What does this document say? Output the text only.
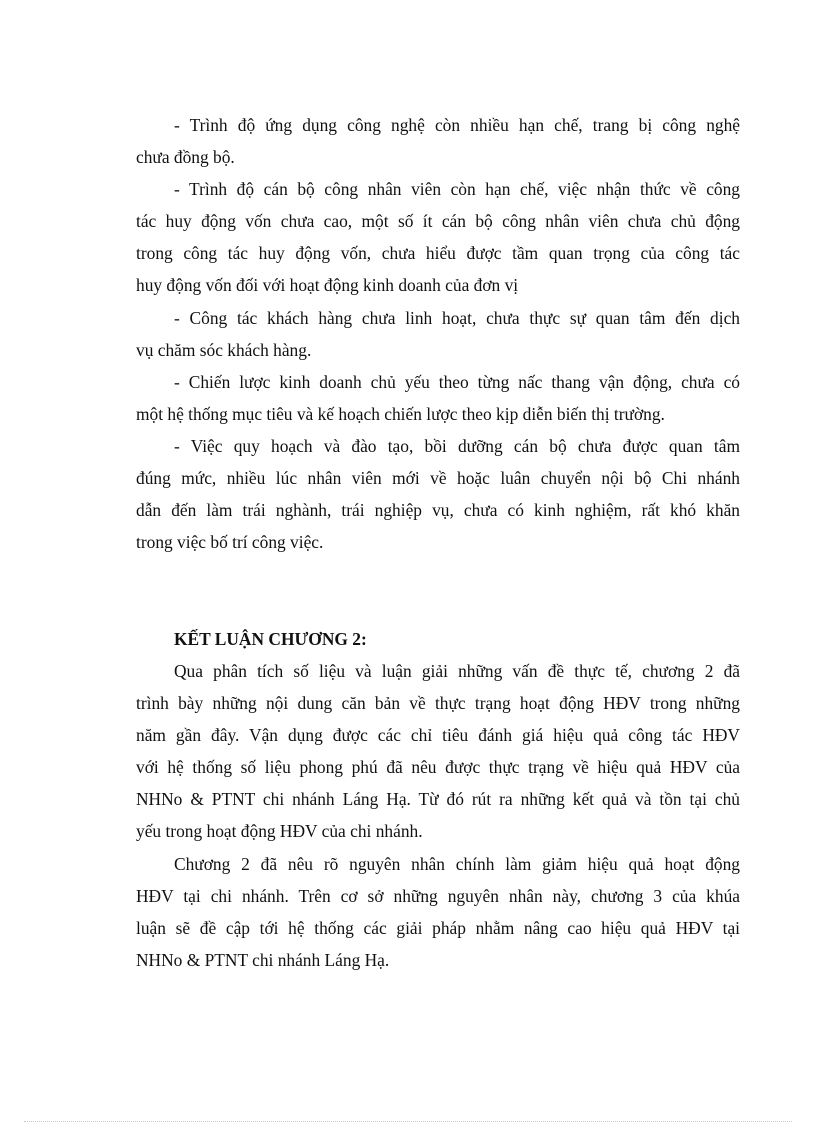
- Trình độ ứng dụng công nghệ còn nhiều hạn chế, trang bị công nghệ
chưa đồng bộ.
- Trình độ cán bộ công nhân viên còn hạn chế, việc nhận thức về công
tác huy động vốn chưa cao, một số ít cán bộ công nhân viên chưa chủ động
trong công tác huy động vốn, chưa hiểu được tầm quan trọng của công tác
huy động vốn đối với hoạt động kinh doanh của đơn vị
- Công tác khách hàng chưa linh hoạt, chưa thực sự quan tâm đến dịch
vụ chăm sóc khách hàng.
- Chiến lược kinh doanh chủ yếu theo từng nấc thang vận động, chưa có
một hệ thống mục tiêu và kế hoạch chiến lược theo kịp diễn biến thị trường.
- Việc quy hoạch và đào tạo, bồi dưỡng cán bộ chưa được quan tâm
đúng mức, nhiều lúc nhân viên mới về hoặc luân chuyển nội bộ Chi nhánh
dẫn đến làm trái nghành, trái nghiệp vụ, chưa có kinh nghiệm, rất khó khăn
trong việc bố trí công việc.
KẾT LUẬN CHƯƠNG 2:
Qua phân tích số liệu và luận giải những vấn đề thực tế, chương 2 đã
trình bày những nội dung căn bản về thực trạng hoạt động HĐV trong những
năm gần đây. Vận dụng được các chỉ tiêu đánh giá hiệu quả công tác HĐV
với hệ thống số liệu phong phú đã nêu được thực trạng về hiệu quả HĐV của
NHNo & PTNT chi nhánh Láng Hạ. Từ đó rút ra những kết quả và tồn tại chủ
yếu trong hoạt động HĐV của chi nhánh.
Chương 2 đã nêu rõ nguyên nhân chính làm giảm hiệu quả hoạt động
HĐV tại chi nhánh. Trên cơ sở những nguyên nhân này, chương 3 của khúa
luận sẽ đề cập tới hệ thống các giải pháp nhằm nâng cao hiệu quả HĐV tại
NHNo & PTNT chi nhánh Láng Hạ.
